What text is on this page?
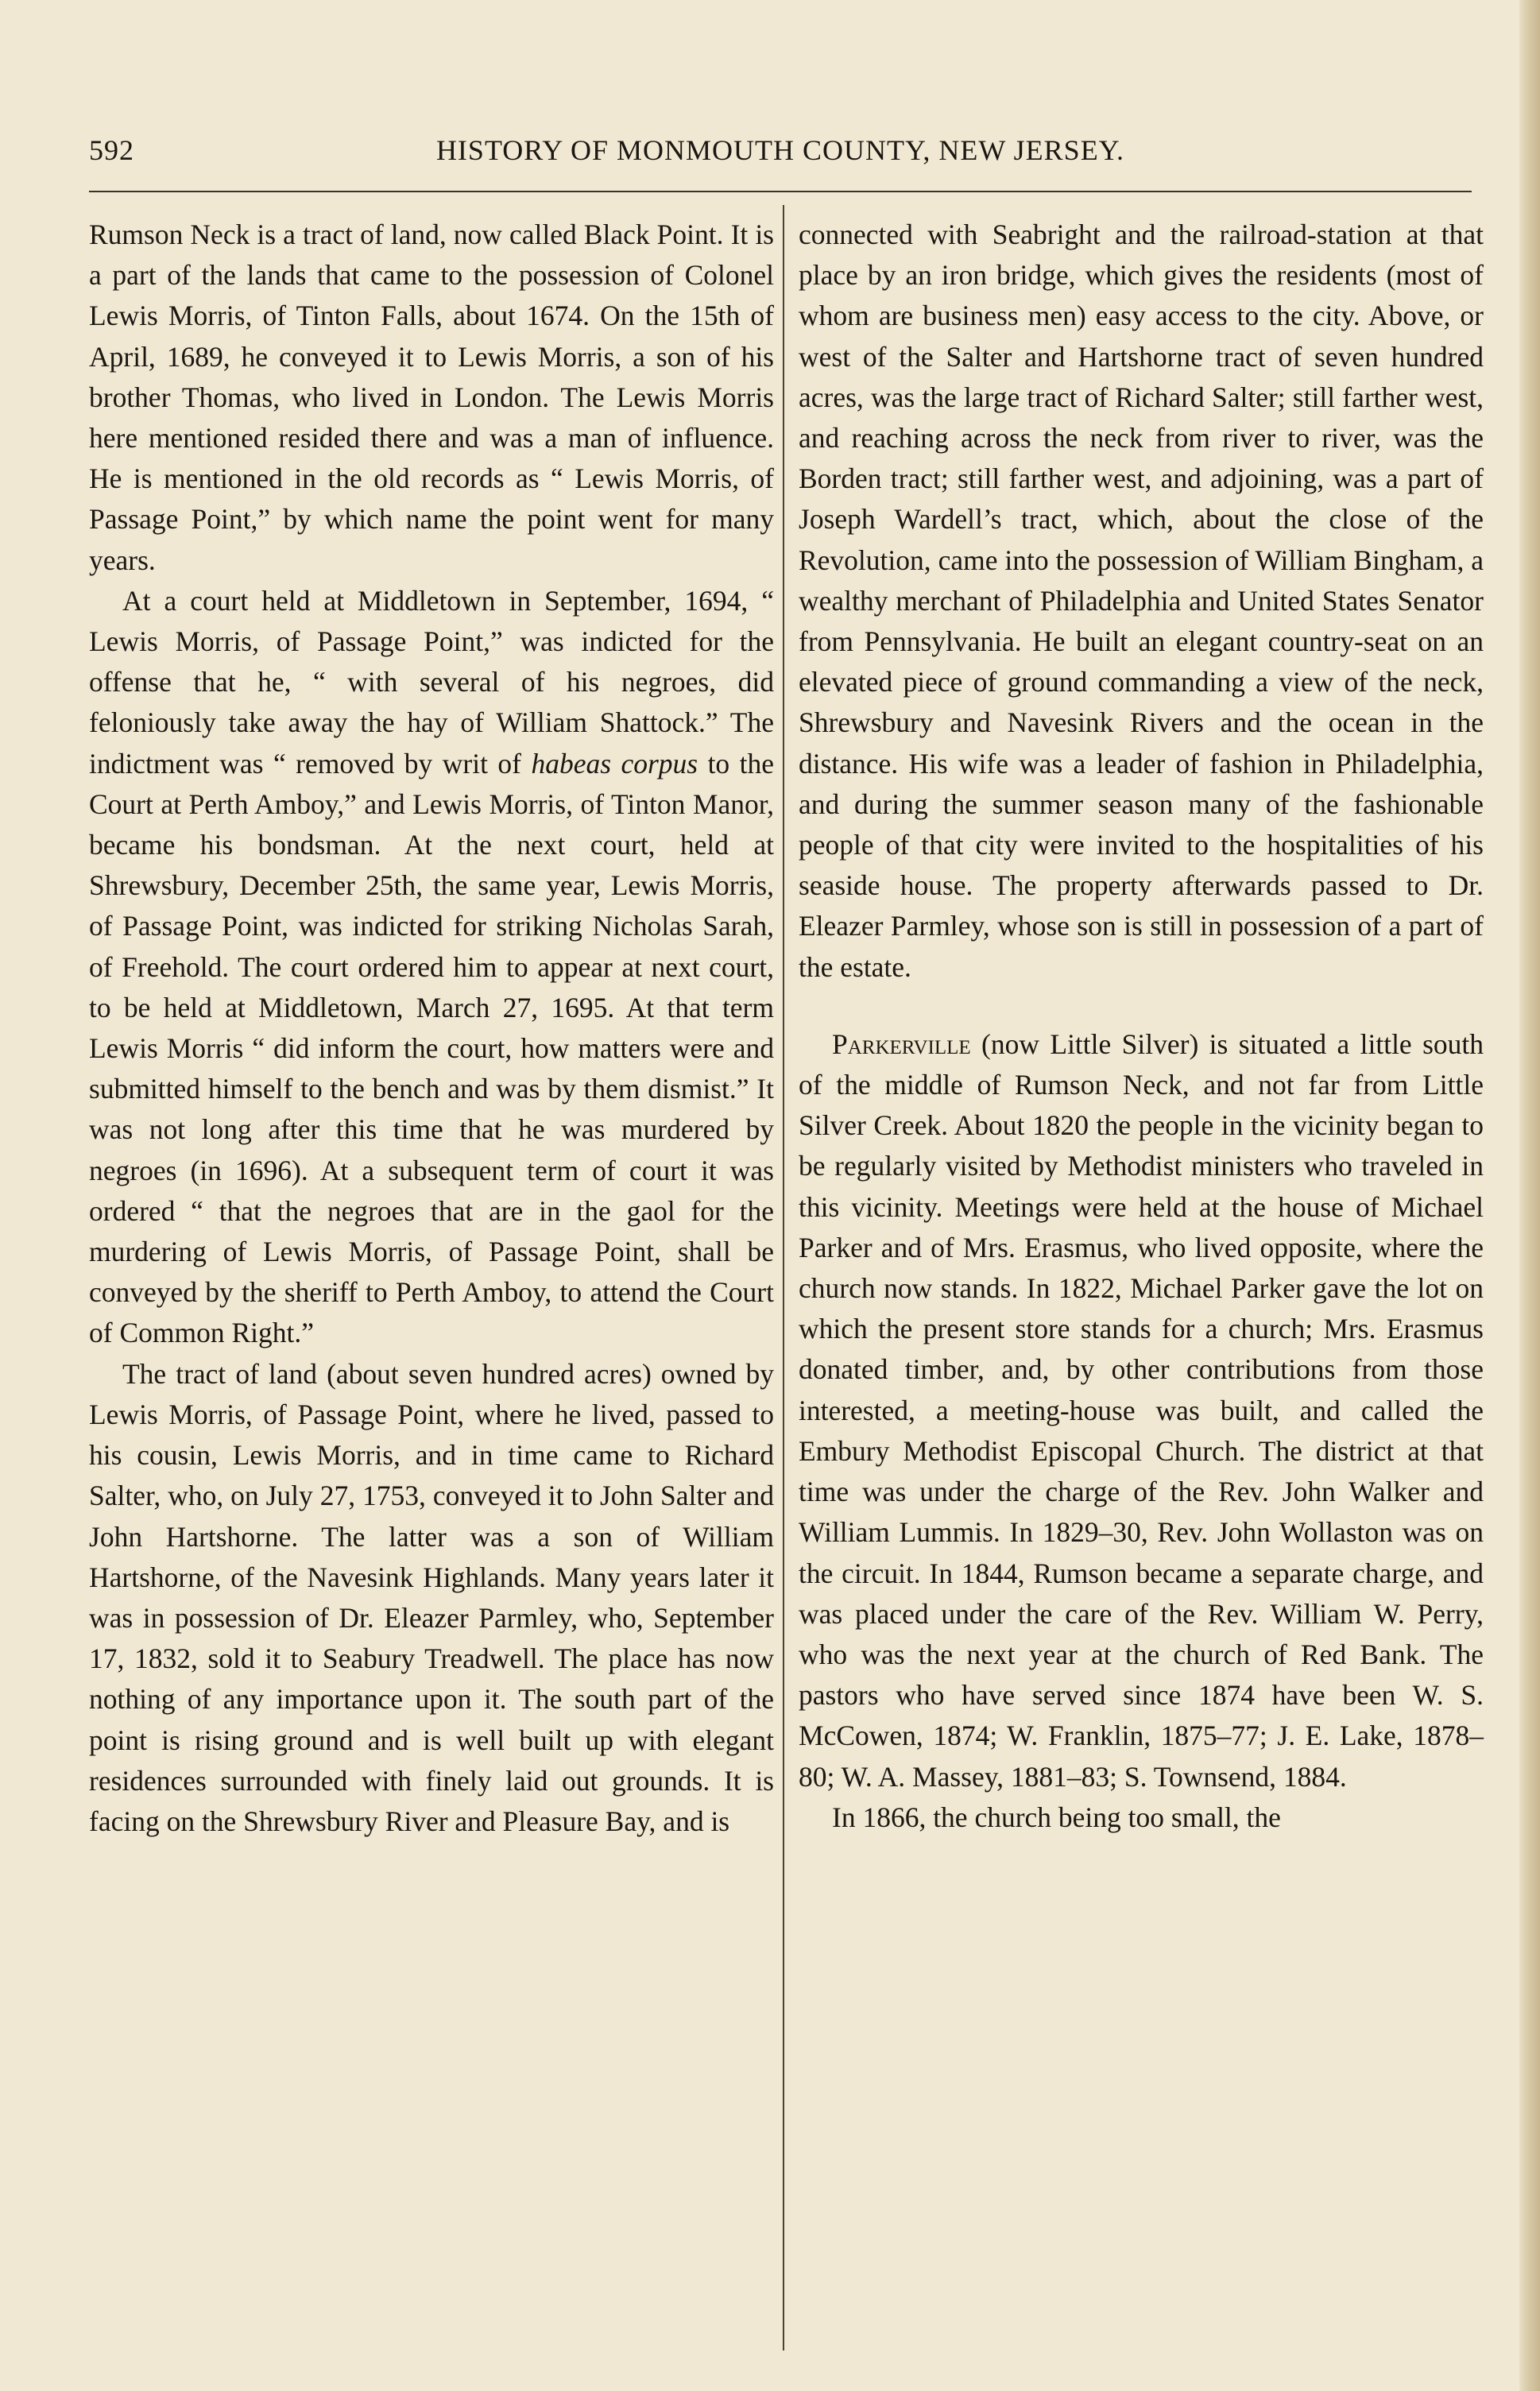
592	HISTORY OF MONMOUTH COUNTY, NEW JERSEY.

Rumson Neck is a tract of land, now called Black Point. It is a part of the lands that came to the possession of Colonel Lewis Morris, of Tinton Falls, about 1674. On the 15th of April, 1689, he conveyed it to Lewis Morris, a son of his brother Thomas, who lived in London. The Lewis Morris here mentioned resided there and was a man of influence. He is mentioned in the old records as “ Lewis Morris, of Passage Point,” by which name the point went for many years.

At a court held at Middletown in September, 1694, “ Lewis Morris, of Passage Point,” was indicted for the offense that he, “ with several of his negroes, did feloniously take away the hay of William Shattock.” The indictment was “ removed by writ of habeas corpus to the Court at Perth Amboy,” and Lewis Morris, of Tinton Manor, became his bondsman. At the next court, held at Shrewsbury, December 25th, the same year, Lewis Morris, of Passage Point, was indicted for striking Nicholas Sarah, of Freehold. The court ordered him to appear at next court, to be held at Middletown, March 27, 1695. At that term Lewis Morris “ did inform the court, how matters were and submitted himself to the bench and was by them dismist.” It was not long after this time that he was murdered by negroes (in 1696). At a subsequent term of court it was ordered “ that the negroes that are in the gaol for the murdering of Lewis Morris, of Passage Point, shall be conveyed by the sheriff to Perth Amboy, to attend the Court of Common Right.”

The tract of land (about seven hundred acres) owned by Lewis Morris, of Passage Point, where he lived, passed to his cousin, Lewis Morris, and in time came to Richard Salter, who, on July 27, 1753, conveyed it to John Salter and John Hartshorne. The latter was a son of William Hartshorne, of the Navesink Highlands. Many years later it was in possession of Dr. Eleazer Parmley, who, September 17, 1832, sold it to Seabury Treadwell. The place has now nothing of any importance upon it. The south part of the point is rising ground and is well built up with elegant residences surrounded with finely laid out grounds. It is facing on the Shrewsbury River and Pleasure Bay, and is

connected with Seabright and the railroad-station at that place by an iron bridge, which gives the residents (most of whom are business men) easy access to the city. Above, or west of the Salter and Hartshorne tract of seven hundred acres, was the large tract of Richard Salter; still farther west, and reaching across the neck from river to river, was the Borden tract; still farther west, and adjoining, was a part of Joseph Wardell’s tract, which, about the close of the Revolution, came into the possession of William Bingham, a wealthy merchant of Philadelphia and United States Senator from Pennsylvania. He built an elegant country-seat on an elevated piece of ground commanding a view of the neck, Shrewsbury and Navesink Rivers and the ocean in the distance. His wife was a leader of fashion in Philadelphia, and during the summer season many of the fashionable people of that city were invited to the hospitalities of his seaside house. The property afterwards passed to Dr. Eleazer Parmley, whose son is still in possession of a part of the estate.

Parkerville (now Little Silver) is situated a little south of the middle of Rumson Neck, and not far from Little Silver Creek. About 1820 the people in the vicinity began to be regularly visited by Methodist ministers who traveled in this vicinity. Meetings were held at the house of Michael Parker and of Mrs. Erasmus, who lived opposite, where the church now stands. In 1822, Michael Parker gave the lot on which the present store stands for a church; Mrs. Erasmus donated timber, and, by other contributions from those interested, a meeting-house was built, and called the Embury Methodist Episcopal Church. The district at that time was under the charge of the Rev. John Walker and William Lummis. In 1829–30, Rev. John Wollaston was on the circuit. In 1844, Rumson became a separate charge, and was placed under the care of the Rev. William W. Perry, who was the next year at the church of Red Bank. The pastors who have served since 1874 have been W. S. McCowen, 1874; W. Franklin, 1875–77; J. E. Lake, 1878–80; W. A. Massey, 1881–83; S. Townsend, 1884.

In 1866, the church being too small, the
